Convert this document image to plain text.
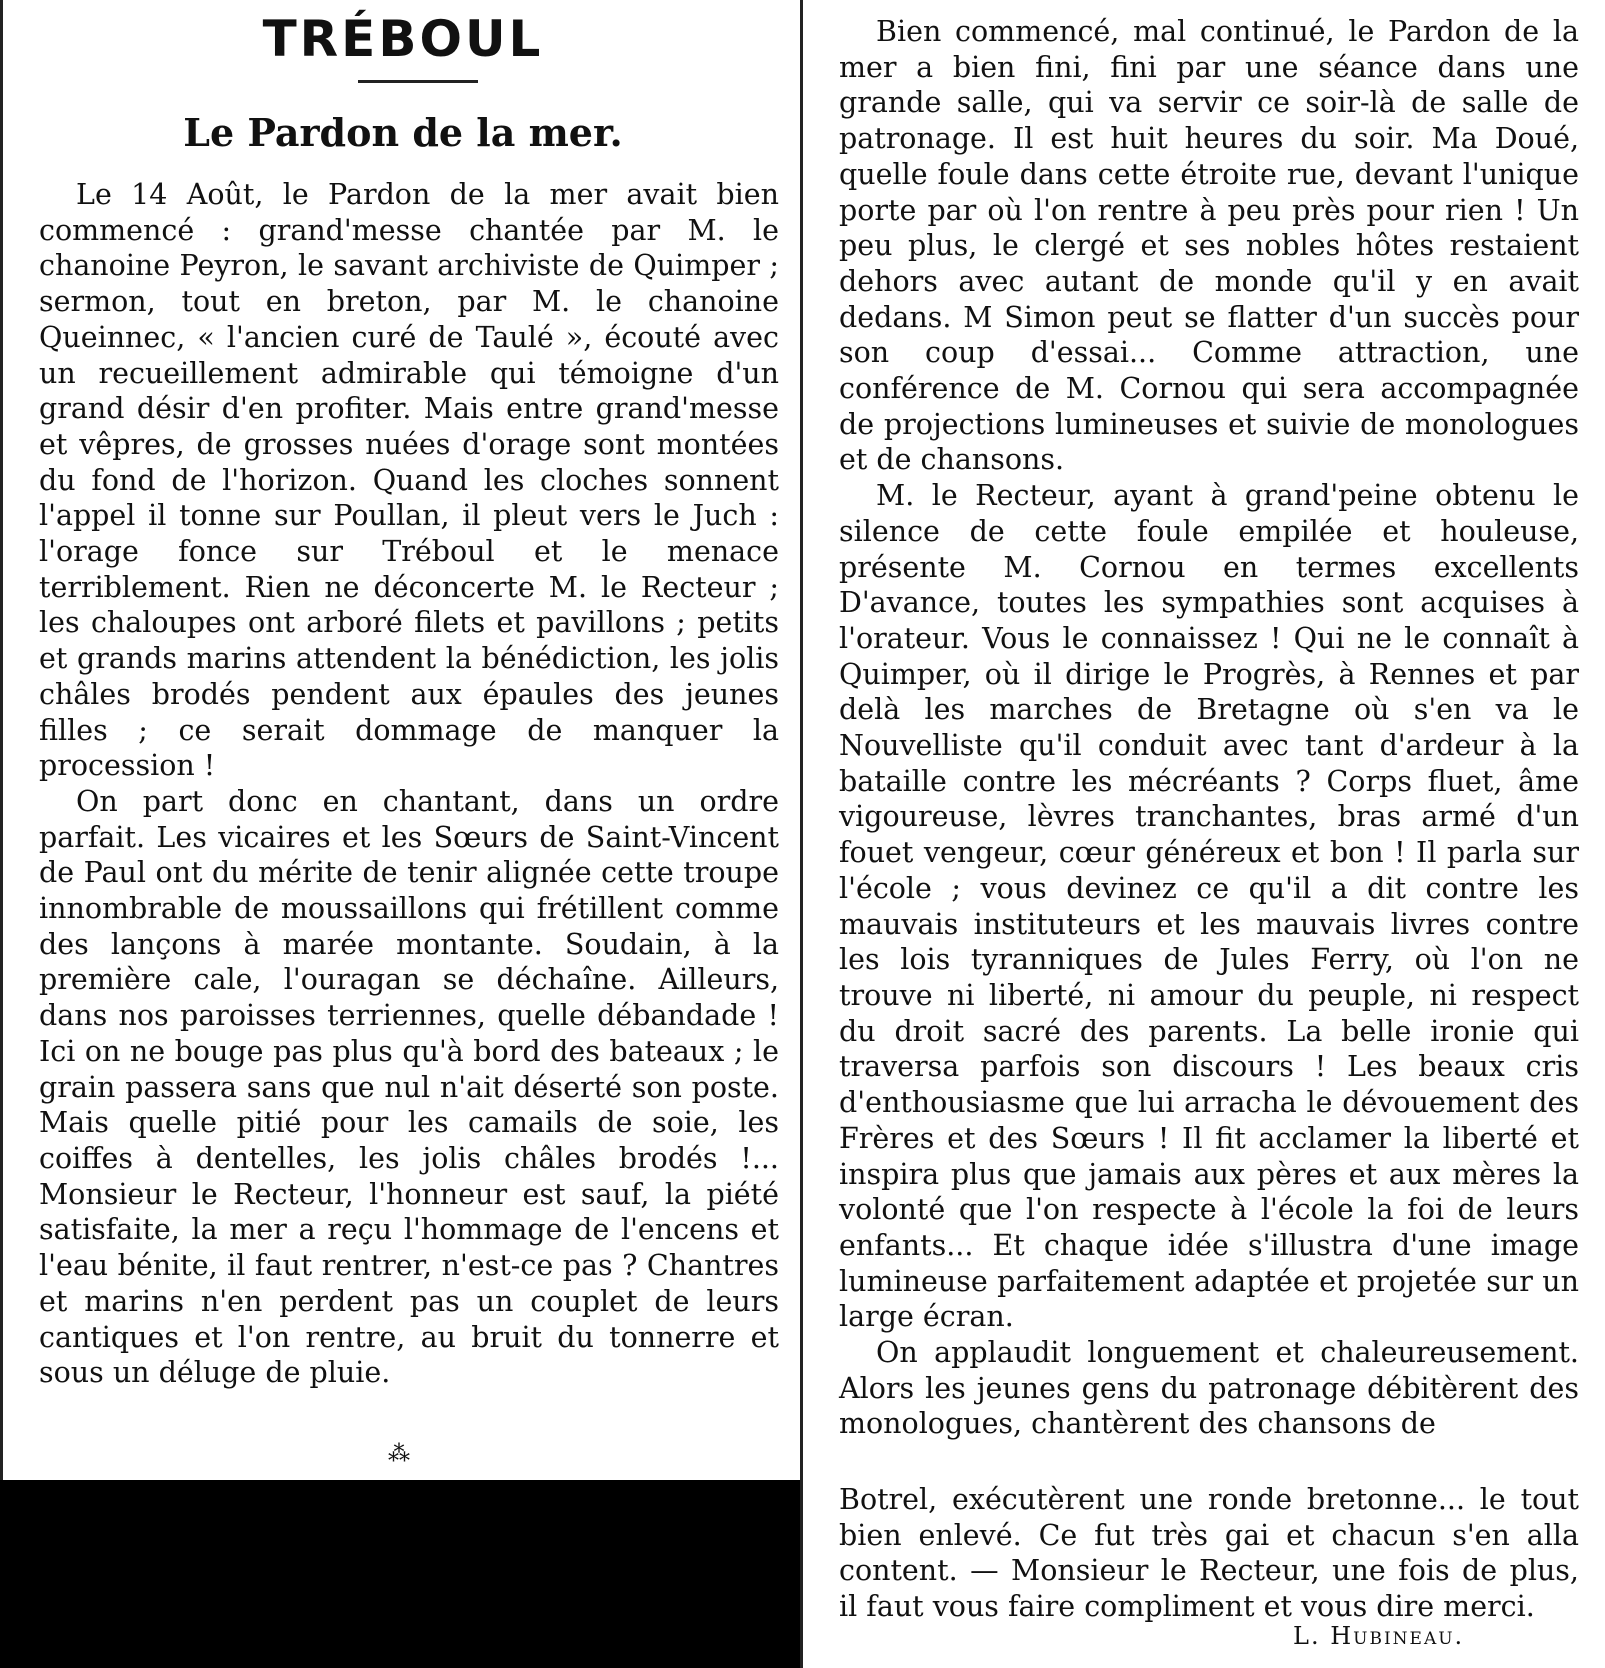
TRÉBOUL
Le Pardon de la mer.

Le 14 Août, le Pardon de la mer avait bien commencé : grand'messe chantée par M. le chanoine Peyron, le savant archiviste de Quimper ; sermon, tout en breton, par M. le chanoine Queinnec, « l'ancien curé de Taulé », écouté avec un recueillement admirable qui témoigne d'un grand désir d'en profiter. Mais entre grand'messe et vêpres, de grosses nuées d'orage sont montées du fond de l'horizon. Quand les cloches sonnent l'appel il tonne sur Poullan, il pleut vers le Juch : l'orage fonce sur Tréboul et le menace terriblement. Rien ne déconcerte M. le Recteur ; les chaloupes ont arboré filets et pavillons ; petits et grands marins attendent la bénédiction, les jolis châles brodés pendent aux épaules des jeunes filles ; ce serait dommage de manquer la procession !

On part donc en chantant, dans un ordre parfait. Les vicaires et les Sœurs de Saint-Vincent de Paul ont du mérite de tenir alignée cette troupe innombrable de moussaillons qui frétillent comme des lançons à marée montante. Soudain, à la première cale, l'ouragan se déchaîne. Ailleurs, dans nos paroisses terriennes, quelle débandade ! Ici on ne bouge pas plus qu'à bord des bateaux ; le grain passera sans que nul n'ait déserté son poste. Mais quelle pitié pour les camails de soie, les coiffes à dentelles, les jolis châles brodés !... Monsieur le Recteur, l'honneur est sauf, la piété satisfaite, la mer a reçu l'hommage de l'encens et l'eau bénite, il faut rentrer, n'est-ce pas ? Chantres et marins n'en perdent pas un couplet de leurs cantiques et l'on rentre, au bruit du tonnerre et sous un déluge de pluie.

⁂

Bien commencé, mal continué, le Pardon de la mer a bien fini, fini par une séance dans une grande salle, qui va servir ce soir-là de salle de patronage. Il est huit heures du soir. Ma Doué, quelle foule dans cette étroite rue, devant l'unique porte par où l'on rentre à peu près pour rien ! Un peu plus, le clergé et ses nobles hôtes restaient dehors avec autant de monde qu'il y en avait dedans. M Simon peut se flatter d'un succès pour son coup d'essai... Comme attraction, une conférence de M. Cornou qui sera accompagnée de projections lumineuses et suivie de monologues et de chansons.

M. le Recteur, ayant à grand'peine obtenu le silence de cette foule empilée et houleuse, présente M. Cornou en termes excellents D'avance, toutes les sympathies sont acquises à l'orateur. Vous le connaissez ! Qui ne le connaît à Quimper, où il dirige le Progrès, à Rennes et par delà les marches de Bretagne où s'en va le Nouvelliste qu'il conduit avec tant d'ardeur à la bataille contre les mécréants ? Corps fluet, âme vigoureuse, lèvres tranchantes, bras armé d'un fouet vengeur, cœur généreux et bon ! Il parla sur l'école ; vous devinez ce qu'il a dit contre les mauvais instituteurs et les mauvais livres contre les lois tyranniques de Jules Ferry, où l'on ne trouve ni liberté, ni amour du peuple, ni respect du droit sacré des parents. La belle ironie qui traversa parfois son discours ! Les beaux cris d'enthousiasme que lui arracha le dévouement des Frères et des Sœurs ! Il fit acclamer la liberté et inspira plus que jamais aux pères et aux mères la volonté que l'on respecte à l'école la foi de leurs enfants... Et chaque idée s'illustra d'une image lumineuse parfaitement adaptée et projetée sur un large écran.

On applaudit longuement et chaleureusement. Alors les jeunes gens du patronage débitèrent des monologues, chantèrent des chansons de

Botrel, exécutèrent une ronde bretonne... le tout bien enlevé. Ce fut très gai et chacun s'en alla content. — Monsieur le Recteur, une fois de plus, il faut vous faire compliment et vous dire merci.

L. Hubineau.
